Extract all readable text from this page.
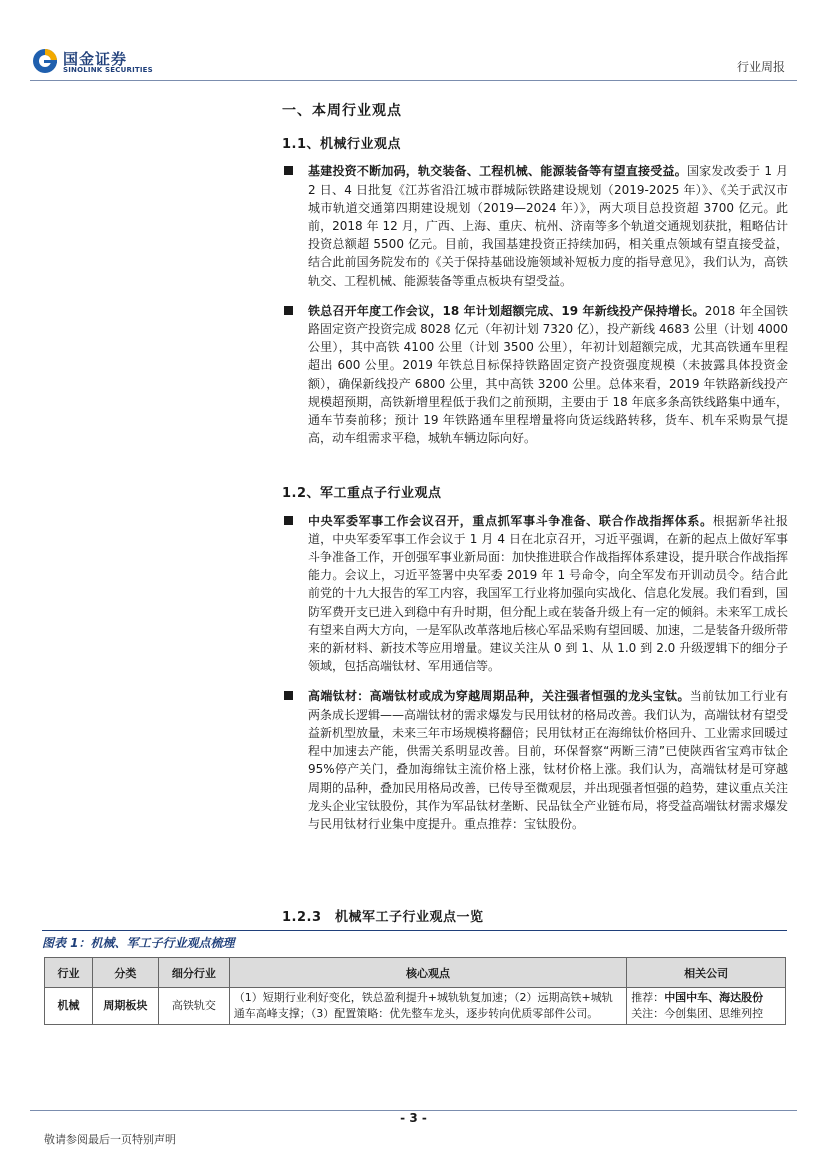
国金证券
SINOLINK SECURITIES	行业周报
一、本周行业观点
1.1、机械行业观点
基建投资不断加码，轨交装备、工程机械、能源装备等有望直接受益。国家发改委于 1 月 2 日、4 日批复《江苏省沿江城市群城际铁路建设规划（2019-2025 年）》、《关于武汉市城市轨道交通第四期建设规划（2019—2024 年）》，两大项目总投资超 3700 亿元。此前，2018 年 12 月，广西、上海、重庆、杭州、济南等多个轨道交通规划获批，粗略估计投资总额超 5500 亿元。目前，我国基建投资正持续加码，相关重点领域有望直接受益，结合此前国务院发布的《关于保持基础设施领域补短板力度的指导意见》，我们认为，高铁轨交、工程机械、能源装备等重点板块有望受益。
铁总召开年度工作会议，18 年计划超额完成、19 年新线投产保持增长。2018 年全国铁路固定资产投资完成 8028 亿元（年初计划 7320 亿），投产新线 4683 公里（计划 4000 公里），其中高铁 4100 公里（计划 3500 公里），年初计划超额完成，尤其高铁通车里程超出 600 公里。2019 年铁总目标保持铁路固定资产投资强度规模（未披露具体投资金额），确保新线投产 6800 公里，其中高铁 3200 公里。总体来看，2019 年铁路新线投产规模超预期，高铁新增里程低于我们之前预期，主要由于 18 年底多条高铁线路集中通车，通车节奏前移；预计 19 年铁路通车里程增量将向货运线路转移，货车、机车采购景气提高，动车组需求平稳，城轨车辆边际向好。
1.2、军工重点子行业观点
中央军委军事工作会议召开，重点抓军事斗争准备、联合作战指挥体系。根据新华社报道，中央军委军事工作会议于 1 月 4 日在北京召开，习近平强调，在新的起点上做好军事斗争准备工作，开创强军事业新局面：加快推进联合作战指挥体系建设，提升联合作战指挥能力。会议上，习近平签署中央军委 2019 年 1 号命令，向全军发布开训动员令。结合此前党的十九大报告的军工内容，我国军工行业将加强向实战化、信息化发展。我们看到，国防军费开支已进入到稳中有升时期，但分配上或在装备升级上有一定的倾斜。未来军工成长有望来自两大方向，一是军队改革落地后核心军品采购有望回暖、加速，二是装备升级所带来的新材料、新技术等应用增量。建议关注从 0 到 1、从 1.0 到 2.0 升级逻辑下的细分子领域，包括高端钛材、军用通信等。
高端钛材：高端钛材或成为穿越周期品种，关注强者恒强的龙头宝钛。当前钛加工行业有两条成长逻辑——高端钛材的需求爆发与民用钛材的格局改善。我们认为，高端钛材有望受益新机型放量，未来三年市场规模将翻倍；民用钛材正在海绵钛价格回升、工业需求回暖过程中加速去产能，供需关系明显改善。目前，环保督察“两断三清”已使陕西省宝鸡市钛企 95%停产关门，叠加海绵钛主流价格上涨，钛材价格上涨。我们认为，高端钛材是可穿越周期的品种，叠加民用格局改善，已传导至微观层，并出现强者恒强的趋势，建议重点关注龙头企业宝钛股份，其作为军品钛材垄断、民品钛全产业链布局，将受益高端钛材需求爆发与民用钛材行业集中度提升。重点推荐：宝钛股份。
1.2.3　机械军工子行业观点一览
图表 1：机械、军工子行业观点梳理
行业	分类	细分行业	核心观点	相关公司
机械	周期板块	高铁轨交	（1）短期行业利好变化，铁总盈利提升+城轨轨复加速；（2）远期高铁+城轨通车高峰支撑；（3）配置策略：优先整车龙头，逐步转向优质零部件公司。	推荐：中国中车、海达股份
关注：今创集团、思维列控
- 3 -
敬请参阅最后一页特别声明
